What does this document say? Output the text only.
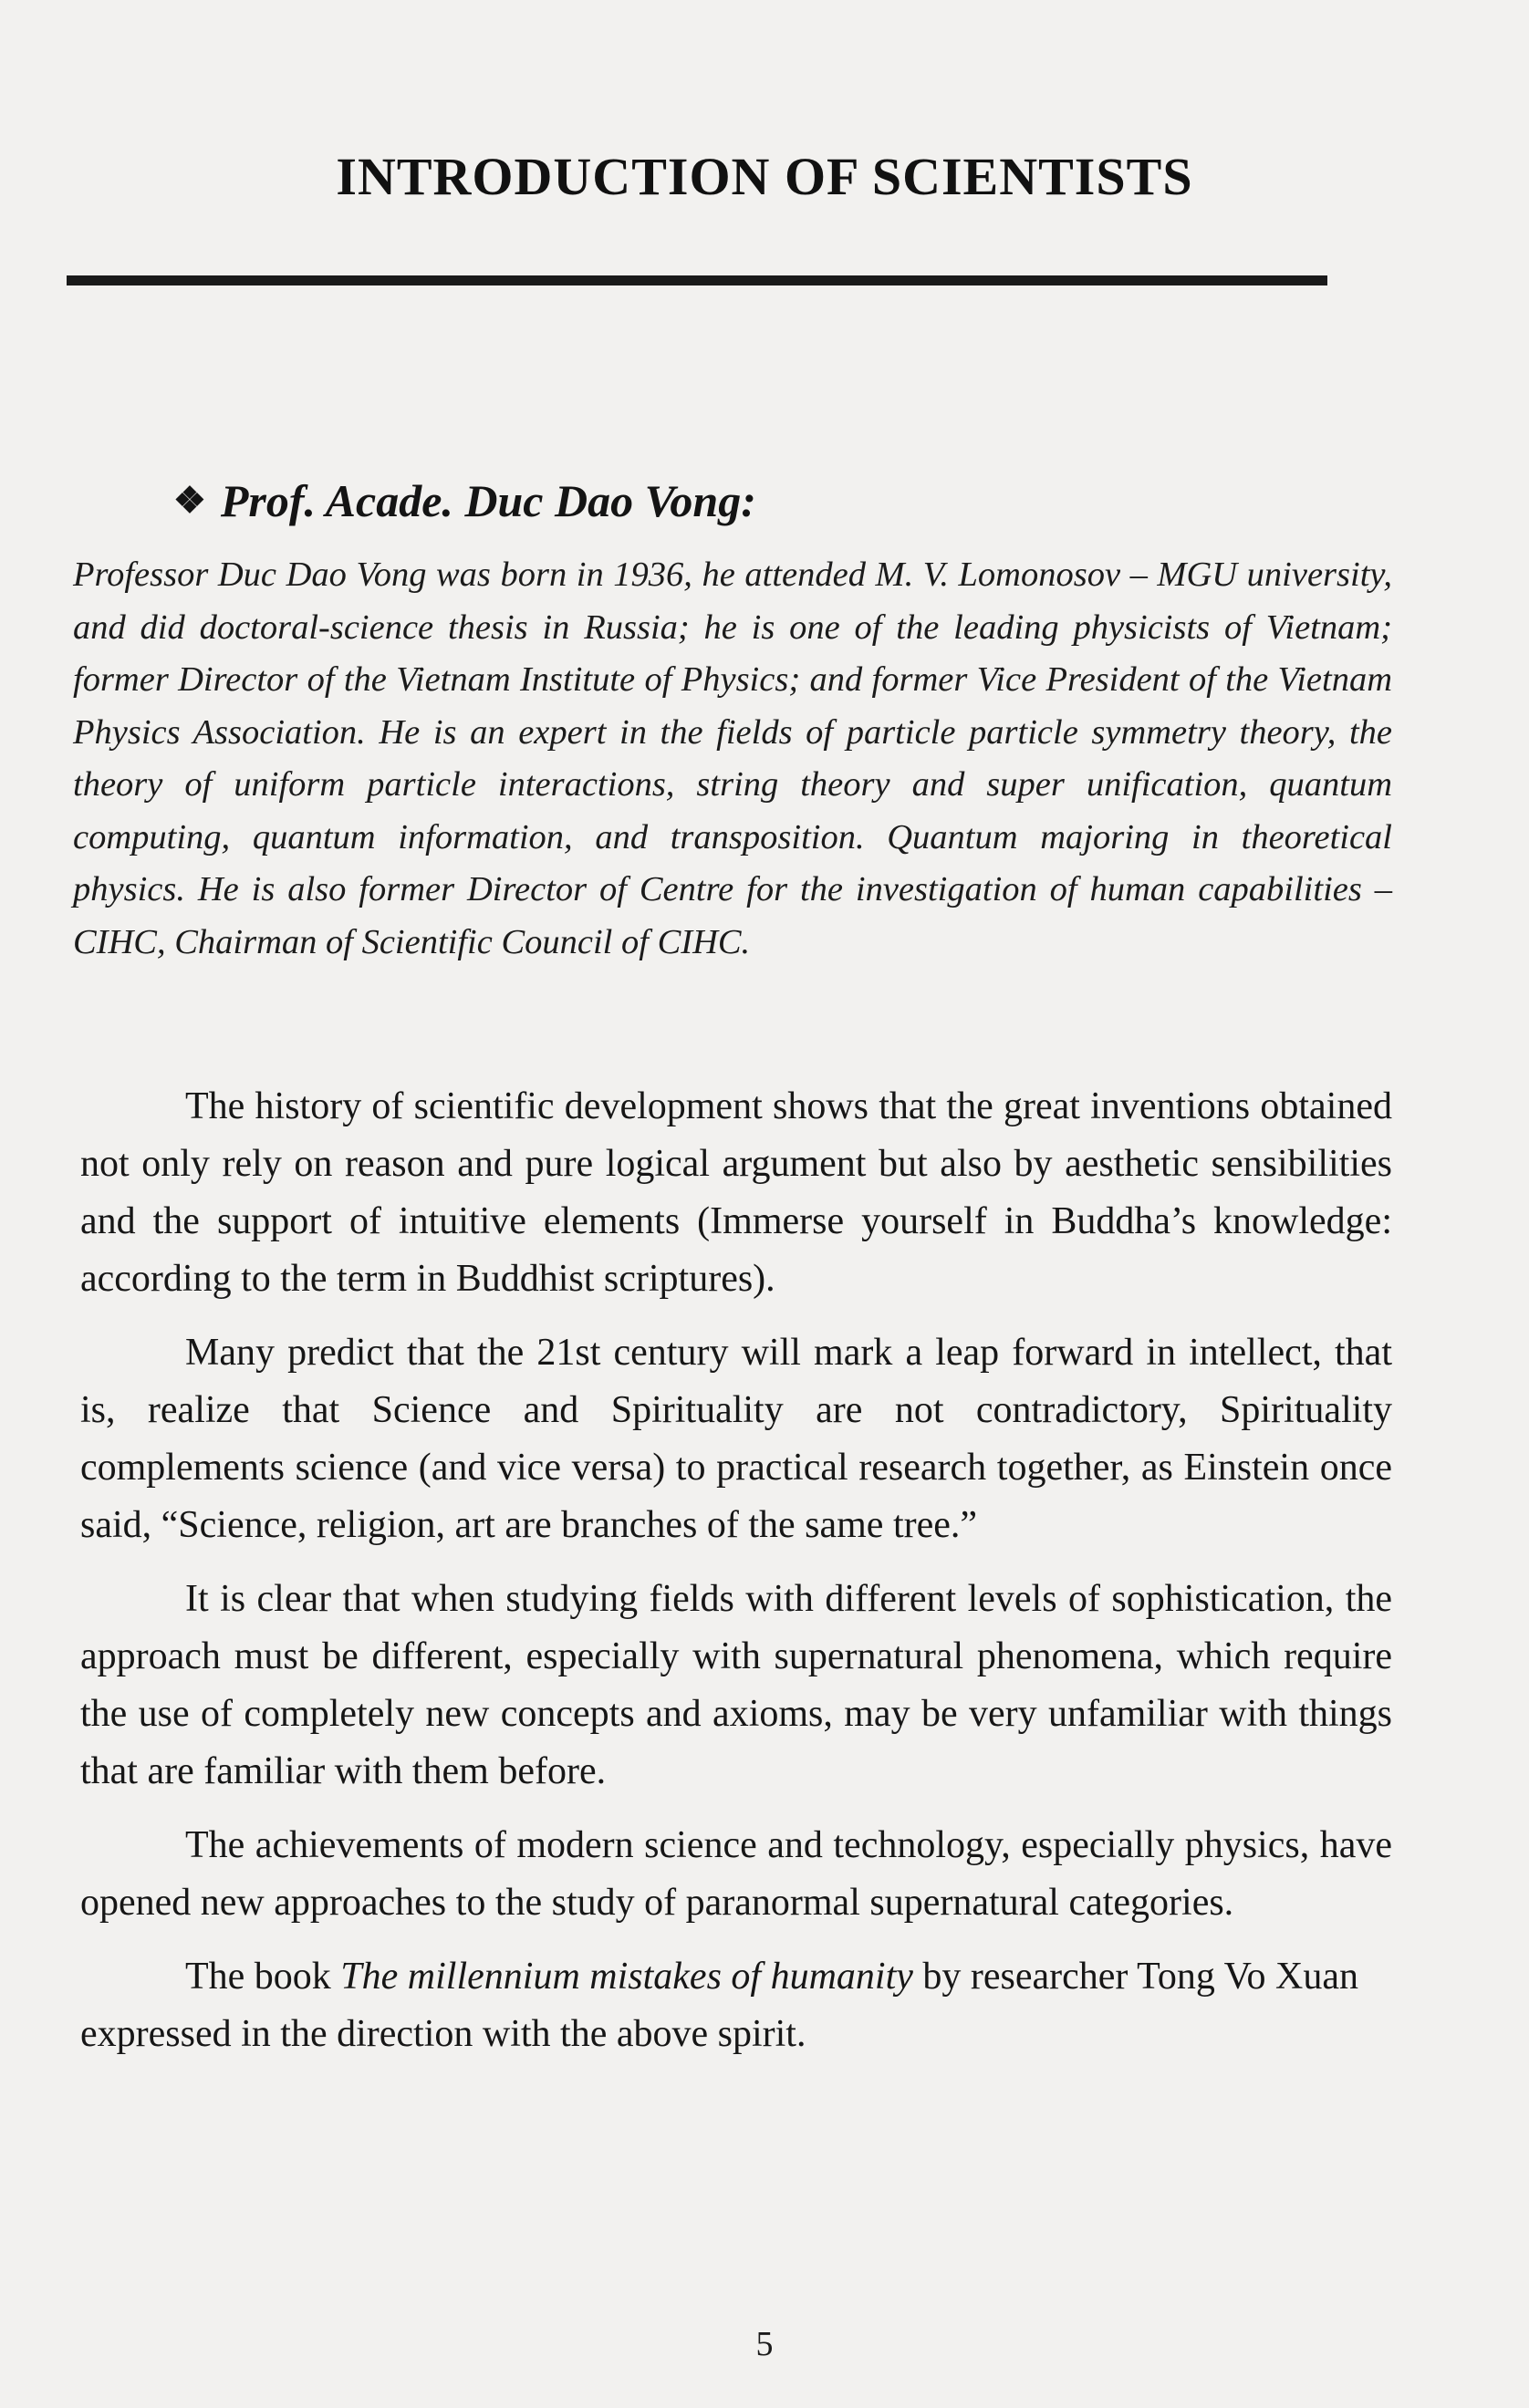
INTRODUCTION OF SCIENTISTS
❖ Prof. Acade. Duc Dao Vong:
Professor Duc Dao Vong was born in 1936, he attended M. V. Lomonosov – MGU university, and did doctoral-science thesis in Russia; he is one of the leading physicists of Vietnam; former Director of the Vietnam Institute of Physics; and former Vice President of the Vietnam Physics Association. He is an expert in the fields of particle particle symmetry theory, the theory of uniform particle interactions, string theory and super unification, quantum computing, quantum information, and transposition. Quantum majoring in theoretical physics. He is also former Director of Centre for the investigation of human capabilities – CIHC, Chairman of Scientific Council of CIHC.

The history of scientific development shows that the great inventions obtained not only rely on reason and pure logical argument but also by aesthetic sensibilities and the support of intuitive elements (Immerse yourself in Buddha’s knowledge: according to the term in Buddhist scriptures).

Many predict that the 21st century will mark a leap forward in intellect, that is, realize that Science and Spirituality are not contradictory, Spirituality complements science (and vice versa) to practical research together, as Einstein once said, “Science, religion, art are branches of the same tree.”

It is clear that when studying fields with different levels of sophistication, the approach must be different, especially with supernatural phenomena, which require the use of completely new concepts and axioms, may be very unfamiliar with things that are familiar with them before.

The achievements of modern science and technology, especially physics, have opened new approaches to the study of paranormal supernatural categories.

The book The millennium mistakes of humanity by researcher Tong Vo Xuan expressed in the direction with the above spirit.

5
